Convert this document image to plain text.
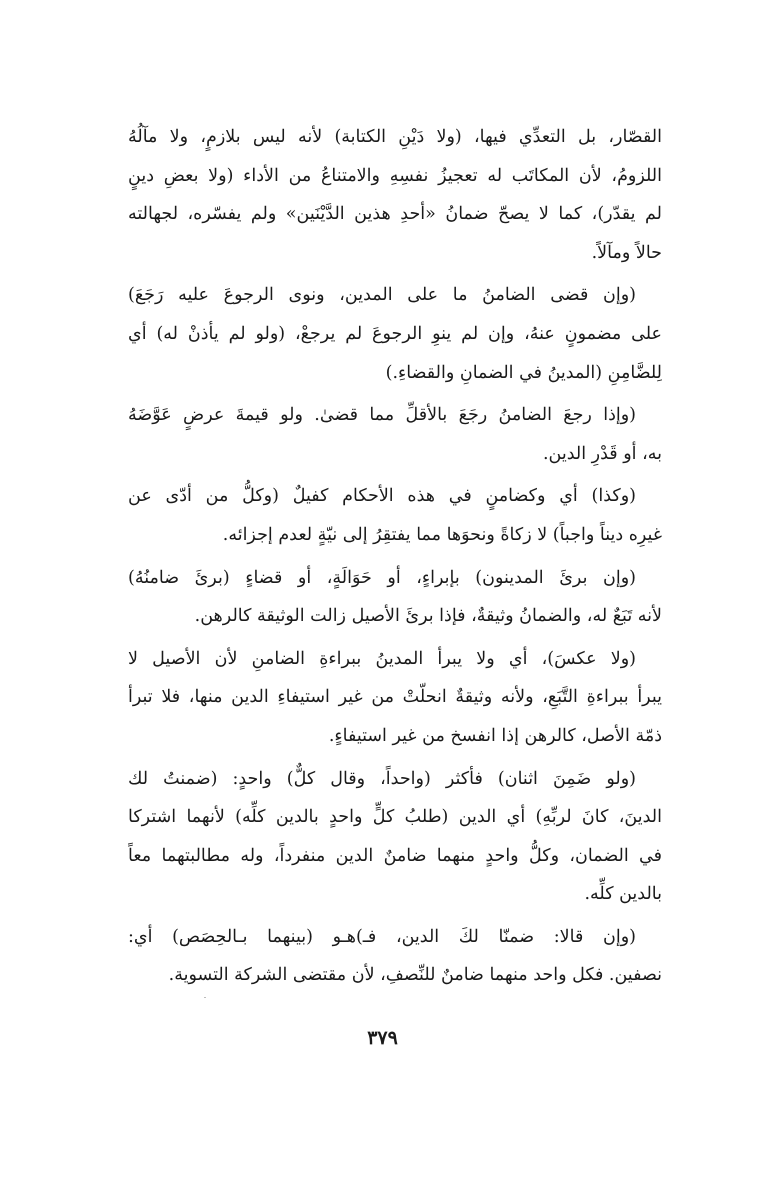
القصّار، بل التعدِّي فيها، (ولا دَيْنِ الكتابة) لأنه ليس بلازمٍ، ولا مآلُهُ
اللزومُ، لأن المكاتَب له تعجيزُ نفسِهِ والامتناعُ من الأداء (ولا بعضِ دينٍ
لم يقدّر)، كما لا يصحّ ضمانُ «أحدِ هذين الدَّيْنَين» ولم يفسّره، لجهالته
حالاً ومآلاً.

(وإن قضى الضامنُ ما على المدين، ونوى الرجوعَ عليه رَجَعَ)
على مضمونٍ عنهُ، وإن لم ينوِ الرجوعَ لم يرجعْ، (ولو لم يأذنْ له) أي
لِلضَّامِنِ (المدينُ في الضمانِ والقضاءِ.)

(وإذا رجعَ الضامنُ رجَعَ بالأقلِّ مما قضىٰ. ولو قيمةَ عرضٍ عَوَّضَهُ
به، أو قَدْرِ الدين.

(وكذا) أي وكضامنٍ في هذه الأحكام كفيلٌ (وكلُّ من أدّى عن
غيرِه ديناً واجباً) لا زكاةً ونحوَها مما يفتقِرُ إلى نيّةٍ لعدم إجزائه.

(وإن برئَ المدينون) بإبراءٍ، أو حَوَالَةٍ، أو قضاءٍ (برئَ ضامنُهُ)
لأنه تَبَعٌ له، والضمانُ وثيقةٌ، فإذا برئَ الأصيل زالت الوثيقة كالرهن.

(ولا عكسَ)، أي ولا يبرأ المدينُ ببراءةِ الضامنِ لأن الأصيل لا
يبرأ ببراءةِ التَّبَعِ، ولأنه وثيقةٌ انحلّتْ من غير استيفاءِ الدين منها، فلا تبرأ
ذمّة الأصل، كالرهن إذا انفسخ من غير استيفاءٍ.

(ولو ضَمِنَ اثنان) فأكثر (واحداً، وقال كلٌّ) واحدٍ: (ضمنتُ لك
الدينَ، كانَ لربِّهِ) أي الدين (طلبُ كلٍّ واحدٍ بالدين كلِّه) لأنهما اشتركا
في الضمان، وكلُّ واحدٍ منهما ضامنٌ الدين منفرداً، وله مطالبتهما معاً
بالدين كلِّه.

(وإن قالا: ضمنّا لكَ الدين، فـ)هـو (بينهما بـالحِصَص) أي:
نصفين. فكل واحد منهما ضامنٌ للنِّصفِ، لأن مقتضى الشركة التسوية.

٣٧٩
